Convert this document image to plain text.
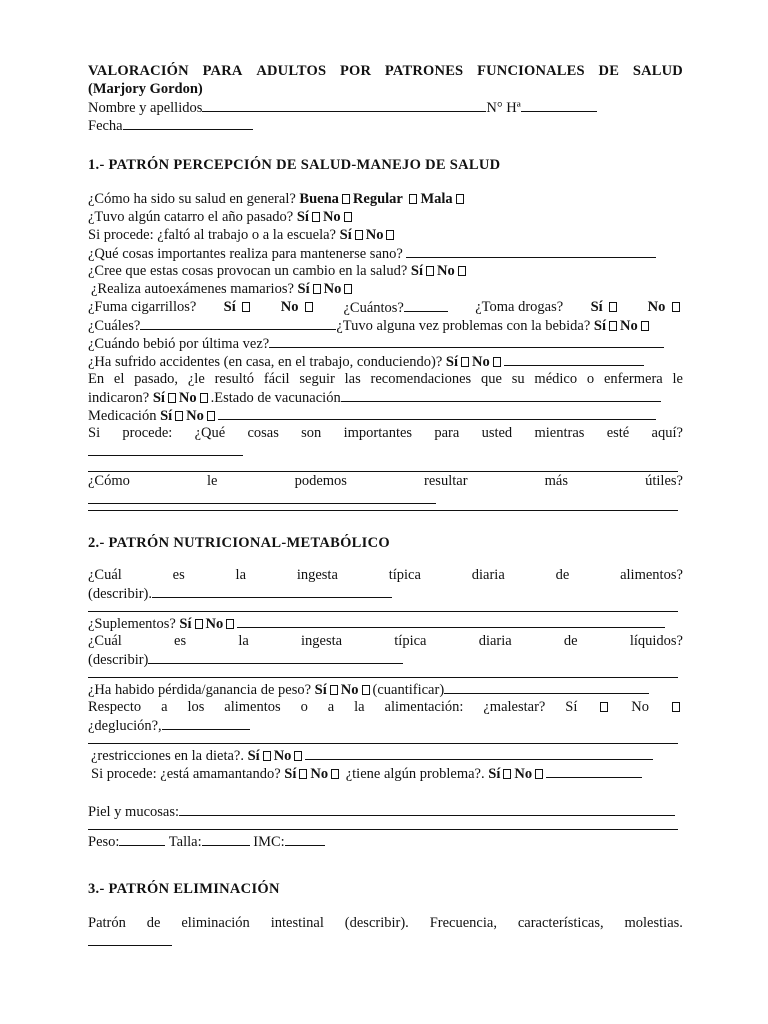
VALORACIÓN PARA ADULTOS POR PATRONES FUNCIONALES DE SALUD
(Marjory Gordon)
Nombre y apellidos	N° Hª
Fecha
1.- PATRÓN PERCEPCIÓN DE SALUD-MANEJO DE SALUD
¿Cómo ha sido su salud en general? Buena Regular Mala
¿Tuvo algún catarro el año pasado? Sí No
Si procede: ¿faltó al trabajo o a la escuela? Sí No
¿Qué cosas importantes realiza para mantenerse sano?
¿Cree que estas cosas provocan un cambio en la salud? Sí No
¿Realiza autoexámenes mamarios? Sí No
¿Fuma cigarrillos? Sí	No	¿Cuántos?	¿Toma drogas? Sí	No
¿Cuáles?	¿Tuvo alguna vez problemas con la bebida? Sí No
¿Cuándo bebió por última vez?
¿Ha sufrido accidentes (en casa, en el trabajo, conduciendo)? Sí No
En el pasado, ¿le resultó fácil seguir las recomendaciones que su médico o enfermera le
indicaron? Sí No .Estado de vacunación
Medicación Sí No
Si procede: ¿Qué cosas son importantes para usted mientras esté aquí?
¿Cómo	le	podemos	resultar	más	útiles?
2.- PATRÓN NUTRICIONAL-METABÓLICO
¿Cuál	es	la	ingesta	típica	diaria	de	alimentos?
(describir).
¿Suplementos? Sí No
¿Cuál	es	la	ingesta	típica	diaria	de	líquidos?
(describir)
¿Ha habido pérdida/ganancia de peso? Sí No (cuantificar)
Respecto a los alimentos o a la alimentación: ¿malestar? Sí	No
¿deglución?,
¿restricciones en la dieta?. Sí No
Si procede: ¿está amamantando? Sí No ¿tiene algún problema?. Sí No
Piel y mucosas:
Peso:	Talla:	IMC:
3.- PATRÓN ELIMINACIÓN
Patrón de eliminación intestinal (describir). Frecuencia, características, molestias.
